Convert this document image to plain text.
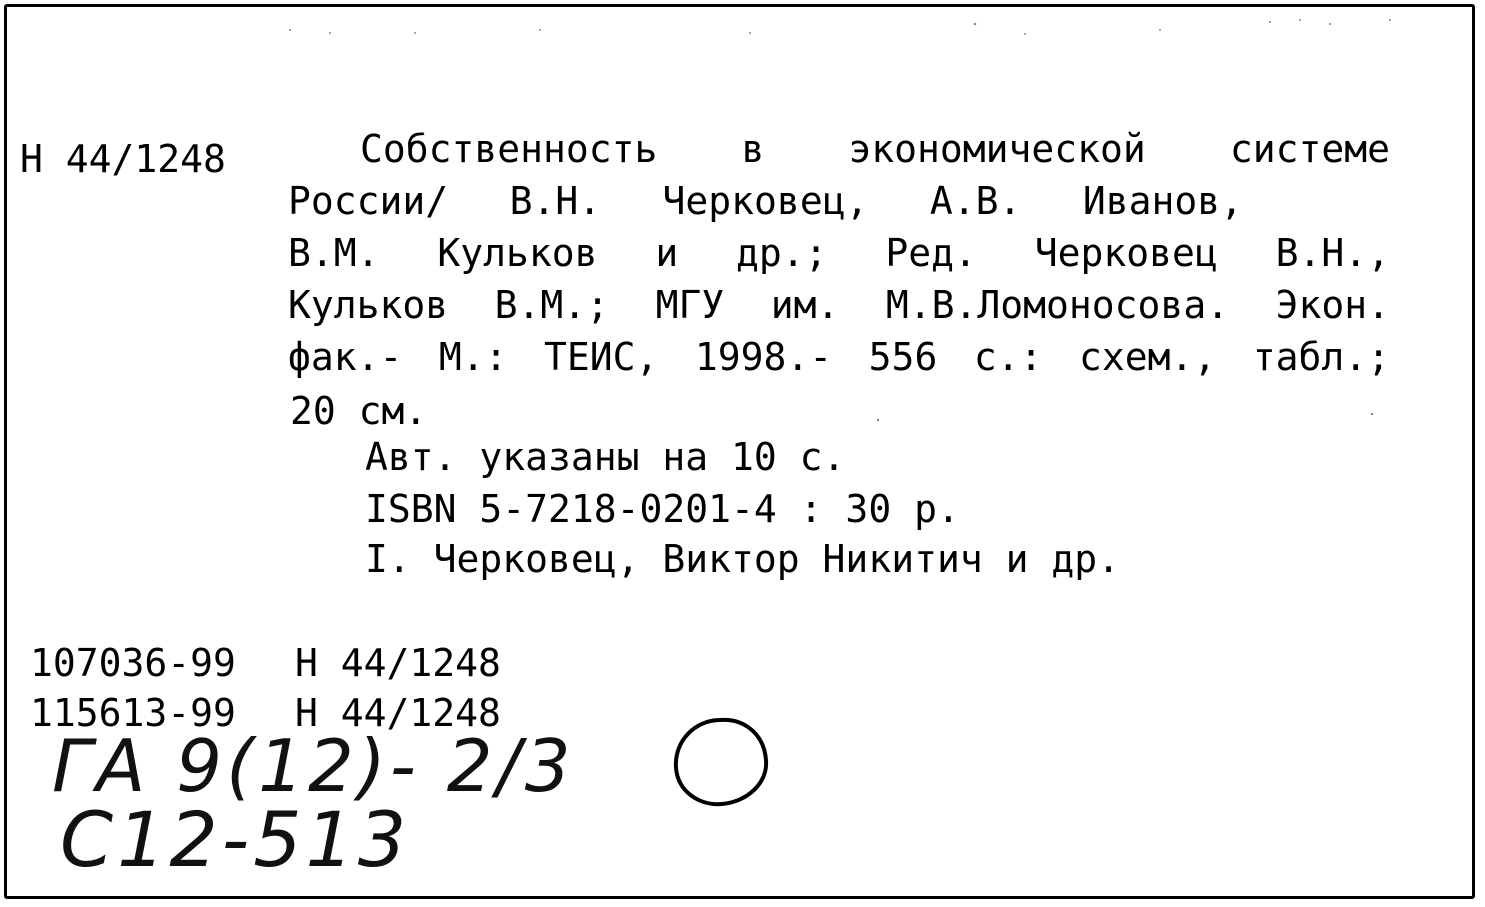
Н 44/1248	Собственность в экономической системе
России/ В.Н. Черковец, А.В. Иванов,
В.М. Кульков и др.; Ред. Черковец В.Н.,
Кульков В.М.; МГУ им. М.В.Ломоносова. Экон.
фак.- М.: ТЕИС, 1998.- 556 с.: схем., табл.;
20 см.
Авт. указаны на 10 с.
ISBN 5-7218-0201-4 : 30 р.
I. Черковец, Виктор Никитич и др.
107036-99 Н 44/1248
115613-99 Н 44/1248
ГА 9(12)- 2/3
С12-513
